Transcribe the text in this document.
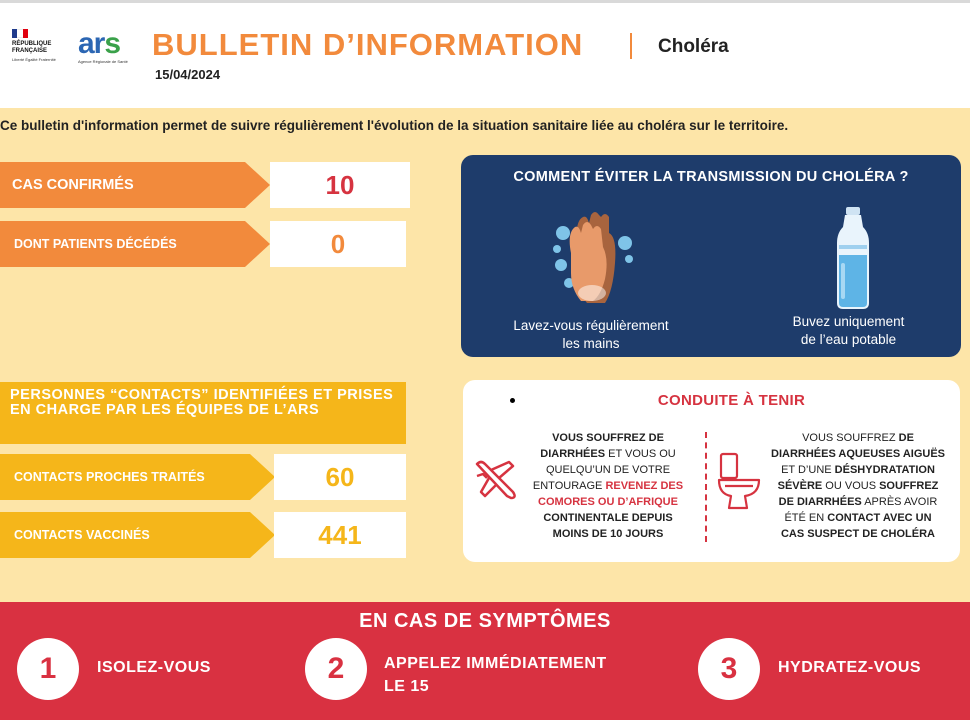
RÉPUBLIQUE
FRANÇAISE
Liberté Égalité Fraternité ars
Agence Régionale de Santé BULLETIN D’INFORMATION
15/04/2024
Choléra
Ce bulletin d'information permet de suivre régulièrement l'évolution de la situation sanitaire liée au choléra sur le territoire.
CAS CONFIRMÉS	10
DONT PATIENTS DÉCÉDÉS	0
PERSONNES “CONTACTS” IDENTIFIÉES ET PRISES EN CHARGE PAR LES ÉQUIPES DE L’ARS
CONTACTS PROCHES TRAITÉS	60
CONTACTS VACCINÉS	441
COMMENT ÉVITER LA TRANSMISSION DU CHOLÉRA ?
Lavez-vous régulièrement
les mains
Buvez uniquement
de l’eau potable
CONDUITE À TENIR
VOUS SOUFFREZ DE
DIARRHÉES ET VOUS OU
QUELQU’UN DE VOTRE
ENTOURAGE REVENEZ DES
COMORES OU D’AFRIQUE
CONTINENTALE DEPUIS
MOINS DE 10 JOURS
VOUS SOUFFREZ DE
DIARRHÉES AQUEUSES AIGUËS
ET D’UNE DÉSHYDRATATION
SÉVÈRE OU VOUS SOUFFREZ
DE DIARRHÉES APRÈS AVOIR
ÉTÉ EN CONTACT AVEC UN
CAS SUSPECT DE CHOLÉRA
EN CAS DE SYMPTÔMES
1	ISOLEZ-VOUS	2	APPELEZ IMMÉDIATEMENT
LE 15
3	HYDRATEZ-VOUS
